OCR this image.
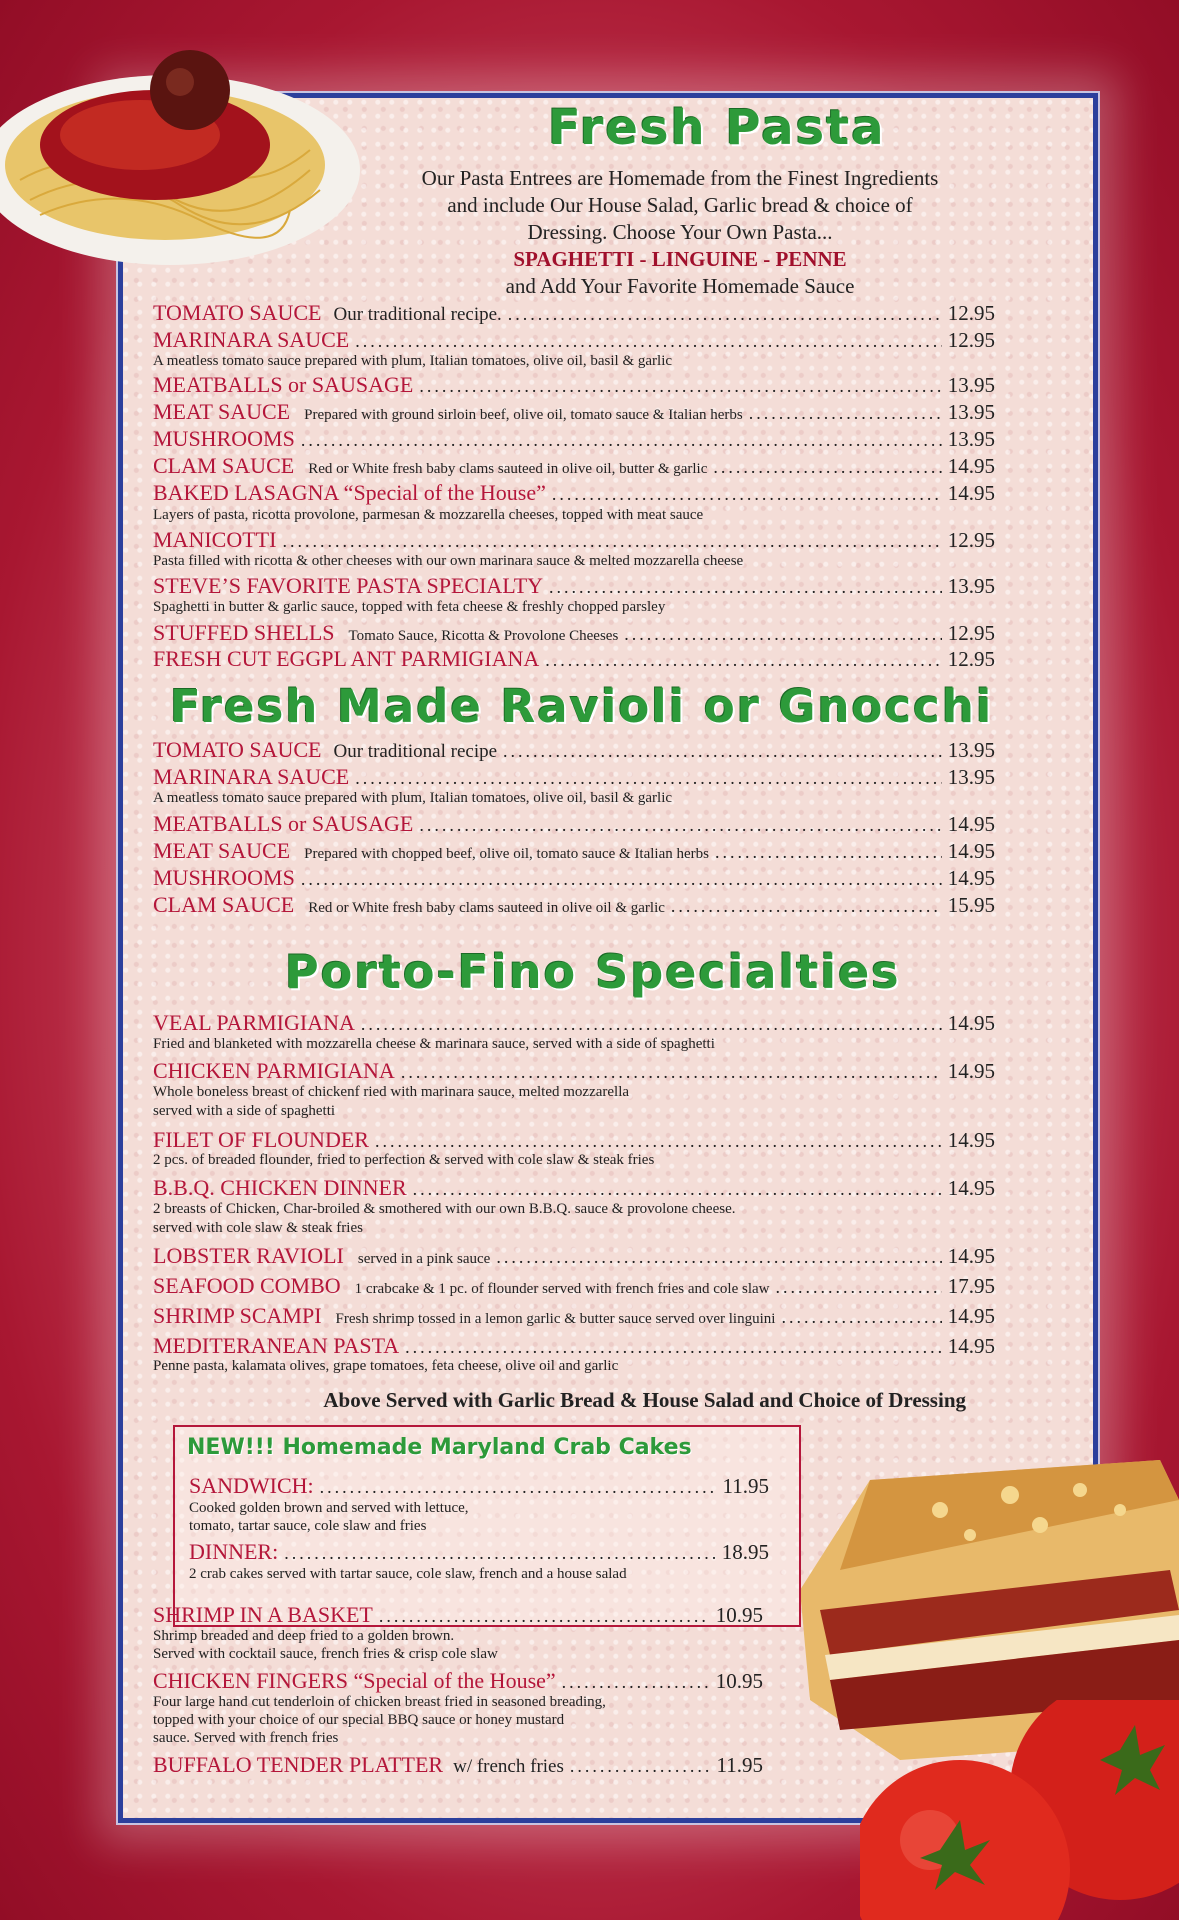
Fresh Pasta
Our Pasta Entrees are Homemade from the Finest Ingredients
and include Our House Salad, Garlic bread & choice of
Dressing. Choose Your Own Pasta...
SPAGHETTI - LINGUINE - PENNE
and Add Your Favorite Homemade Sauce
TOMATO SAUCE Our traditional recipe. .....	12.95
MARINARA SAUCE .....	12.95
A meatless tomato sauce prepared with plum, Italian tomatoes, olive oil, basil & garlic
MEATBALLS or SAUSAGE .....	13.95
MEAT SAUCE Prepared with ground sirloin beef, olive oil, tomato sauce & Italian herbs .....	13.95
MUSHROOMS .....	13.95
CLAM SAUCE Red or White fresh baby clams sauteed in olive oil, butter & garlic .....	14.95
BAKED LASAGNA “Special of the House” .....	14.95
Layers of pasta, ricotta provolone, parmesan & mozzarella cheeses, topped with meat sauce
MANICOTTI .....	12.95
Pasta filled with ricotta & other cheeses with our own marinara sauce & melted mozzarella cheese
STEVE’S FAVORITE PASTA SPECIALTY .....	13.95
Spaghetti in butter & garlic sauce, topped with feta cheese & freshly chopped parsley
STUFFED SHELLS Tomato Sauce, Ricotta & Provolone Cheeses .....	12.95
FRESH CUT EGGPL ANT PARMIGIANA .....	12.95
Fresh Made Ravioli or Gnocchi
TOMATO SAUCE Our traditional recipe .....	13.95
MARINARA SAUCE .....	13.95
A meatless tomato sauce prepared with plum, Italian tomatoes, olive oil, basil & garlic
MEATBALLS or SAUSAGE .....	14.95
MEAT SAUCE Prepared with chopped beef, olive oil, tomato sauce & Italian herbs .....	14.95
MUSHROOMS .....	14.95
CLAM SAUCE Red or White fresh baby clams sauteed in olive oil & garlic .....	15.95
Porto-Fino Specialties
VEAL PARMIGIANA .....	14.95
Fried and blanketed with mozzarella cheese & marinara sauce, served with a side of spaghetti
CHICKEN PARMIGIANA .....	14.95
Whole boneless breast of chickenf ried with marinara sauce, melted mozzarella
served with a side of spaghetti
FILET OF FLOUNDER .....	14.95
2 pcs. of breaded flounder, fried to perfection & served with cole slaw & steak fries
B.B.Q. CHICKEN DINNER .....	14.95
2 breasts of Chicken, Char-broiled & smothered with our own B.B.Q. sauce & provolone cheese.
served with cole slaw & steak fries
LOBSTER RAVIOLI served in a pink sauce .....	14.95
SEAFOOD COMBO 1 crabcake & 1 pc. of flounder served with french fries and cole slaw .....	17.95
SHRIMP SCAMPI Fresh shrimp tossed in a lemon garlic & butter sauce served over linguini .....	14.95
MEDITERANEAN PASTA .....	14.95
Penne pasta, kalamata olives, grape tomatoes, feta cheese, olive oil and garlic
Above Served with Garlic Bread & House Salad and Choice of Dressing
NEW!!! Homemade Maryland Crab Cakes
SANDWICH: .....	11.95
Cooked golden brown and served with lettuce,
tomato, tartar sauce, cole slaw and fries
DINNER: .....	18.95
2 crab cakes served with tartar sauce, cole slaw, french and a house salad
SHRIMP IN A BASKET .....	10.95
Shrimp breaded and deep fried to a golden brown.
Served with cocktail sauce, french fries & crisp cole slaw
CHICKEN FINGERS “Special of the House” .....	10.95
Four large hand cut tenderloin of chicken breast fried in seasoned breading,
topped with your choice of our special BBQ sauce or honey mustard
sauce. Served with french fries
BUFFALO TENDER PLATTER w/ french fries .....	11.95
